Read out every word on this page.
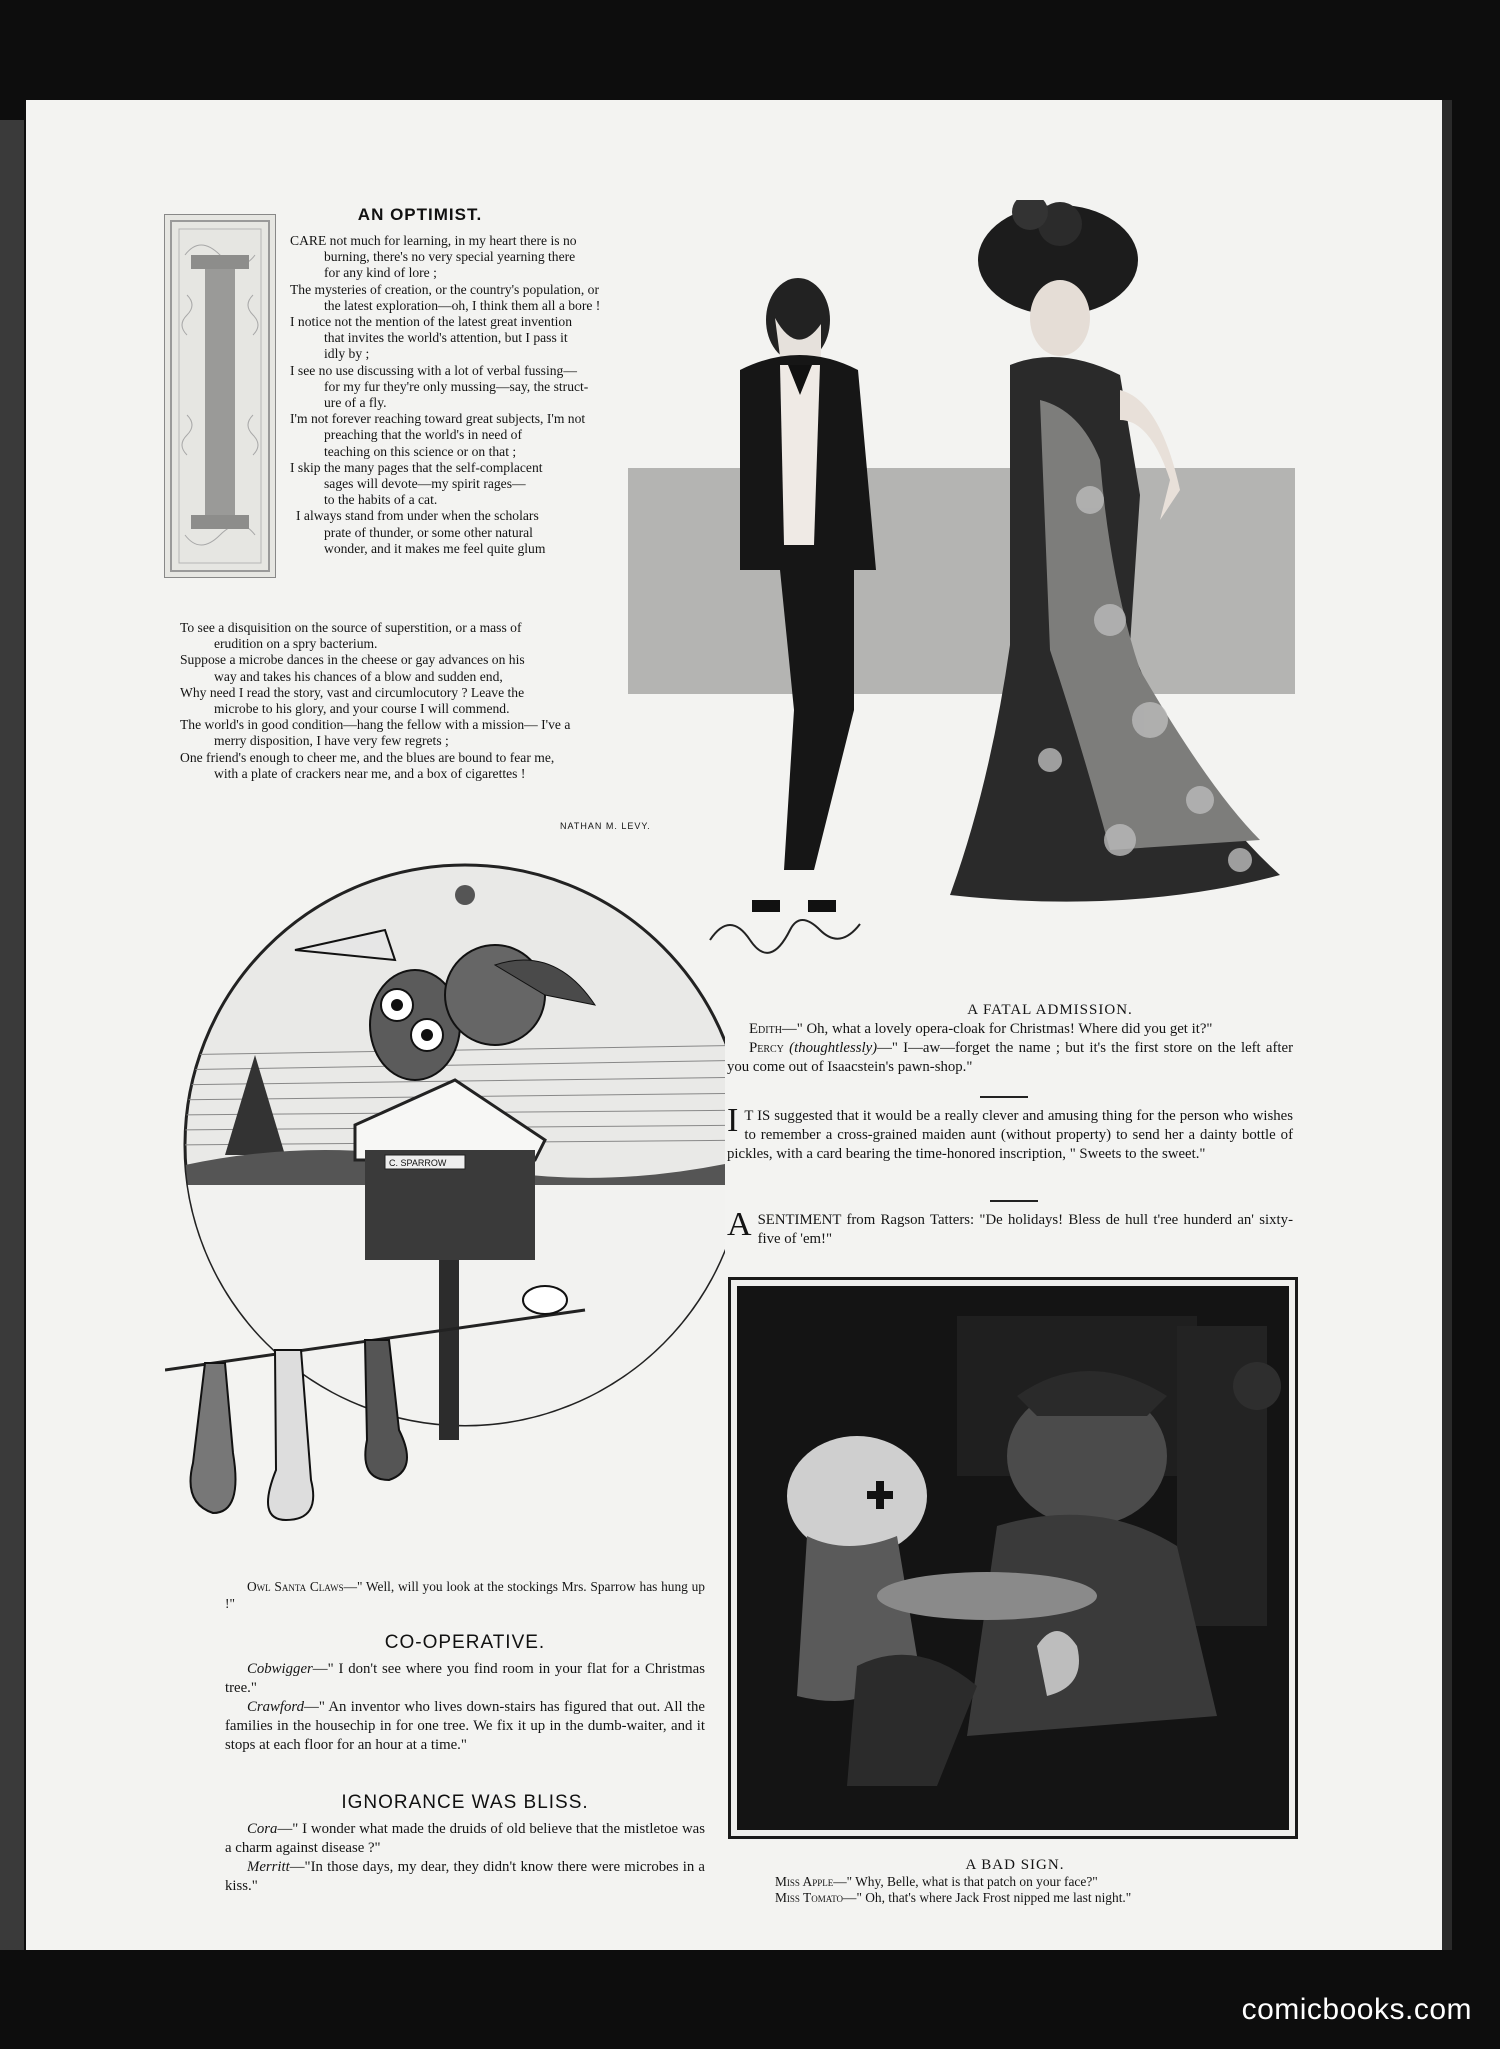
AN OPTIMIST.
CARE not much for learning, in my heart there is no
burning, there's no very special yearning there
for any kind of lore ;
The mysteries of creation, or the country's population, or
the latest exploration—oh, I think them all a bore !
I notice not the mention of the latest great invention
that invites the world's attention, but I pass it
idly by ;
I see no use discussing with a lot of verbal fussing—
for my fur they're only mussing—say, the struct-
ure of a fly.
I'm not forever reaching toward great subjects, I'm not
preaching that the world's in need of
teaching on this science or on that ;
I skip the many pages that the self-complacent
sages will devote—my spirit rages—
to the habits of a cat.
I always stand from under when the scholars
prate of thunder, or some other natural
wonder, and it makes me feel quite glum
To see a disquisition on the source of superstition, or a mass of
erudition on a spry bacterium.
Suppose a microbe dances in the cheese or gay advances on his
way and takes his chances of a blow and sudden end,
Why need I read the story, vast and circumlocutory ? Leave the
microbe to his glory, and your course I will commend.
The world's in good condition—hang the fellow with a mission— I've a
merry disposition, I have very few regrets ;
One friend's enough to cheer me, and the blues are bound to fear me,
with a plate of crackers near me, and a box of cigarettes !
NATHAN M. LEVY.
A FATAL ADMISSION.

Edith—" Oh, what a lovely opera-cloak for Christmas! Where did you get it?"

Percy (thoughtlessly)—" I—aw—forget the name ; but it's the first store on the left after you come out of Isaacstein's pawn-shop."

I T IS suggested that it would be a really clever and amusing thing for the person who wishes to remember a cross-grained maiden aunt (without property) to send her a dainty bottle of pickles, with a card bearing the time-honored inscription, " Sweets to the sweet."

ASENTIMENT from Ragson Tatters: "De holidays! Bless de hull t'ree hunderd an' sixty-five of 'em!"

C. SPARROW

Owl Santa Claws—" Well, will you look at the stockings Mrs. Sparrow has hung up !"

CO-OPERATIVE.

Cobwigger—" I don't see where you find room in your flat for a Christmas tree."

Crawford—" An inventor who lives down-stairs has figured that out. All the families in the housechip in for one tree. We fix it up in the dumb-waiter, and it stops at each floor for an hour at a time."

IGNORANCE WAS BLISS.

Cora—" I wonder what made the druids of old believe that the mistletoe was a charm against disease ?"

Merritt—"In those days, my dear, they didn't know there were microbes in a kiss."

A BAD SIGN.

Miss Apple—" Why, Belle, what is that patch on your face?"

Miss Tomato—" Oh, that's where Jack Frost nipped me last night."

comicbooks.com
